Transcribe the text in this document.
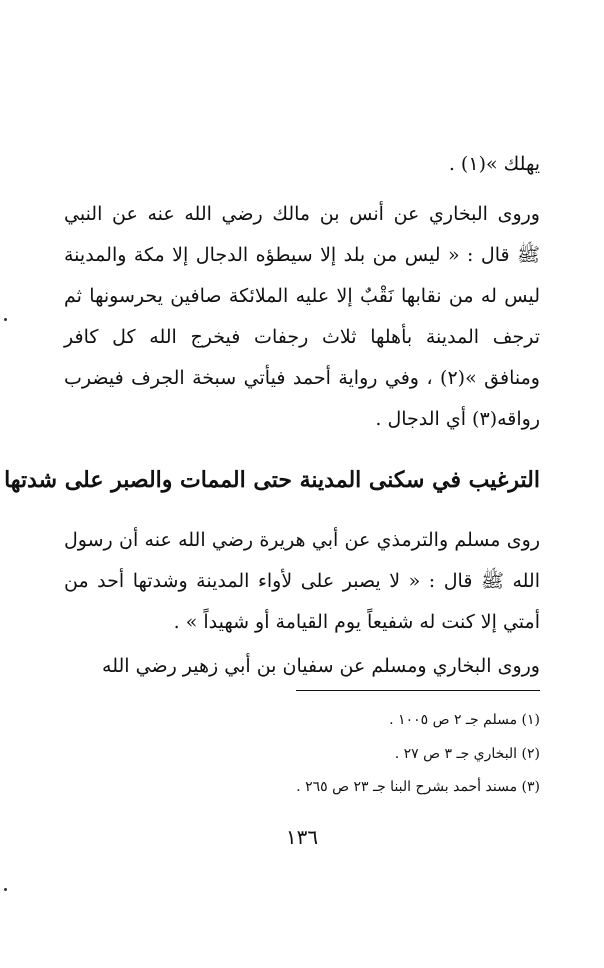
يهلك »(١) .
وروى البخاري عن أنس بن مالك رضي الله عنه عن النبي
ﷺ قال : « ليس من بلد إلا سيطؤه الدجال إلا مكة والمدينة
ليس له من نقابها نَقْبٌ إلا عليه الملائكة صافين يحرسونها ثم
ترجف المدينة بأهلها ثلاث رجفات فيخرج الله كل كافر
ومنافق »(٢) ، وفي رواية أحمد فيأتي سبخة الجرف فيضرب
رواقه(٣) أي الدجال .
الترغيب في سكنى المدينة حتى الممات والصبر على شدتها
روى مسلم والترمذي عن أبي هريرة رضي الله عنه أن رسول
الله ﷺ قال : « لا يصبر على لأواء المدينة وشدتها أحد من
أمتي إلا كنت له شفيعاً يوم القيامة أو شهيداً » .
وروى البخاري ومسلم عن سفيان بن أبي زهير رضي الله
(١) مسلم جـ ٢ ص ١٠٠٥ .
(٢) البخاري جـ ٣ ص ٢٧ .
(٣) مسند أحمد بشرح البنا جـ ٢٣ ص ٢٦٥ .
١٣٦
